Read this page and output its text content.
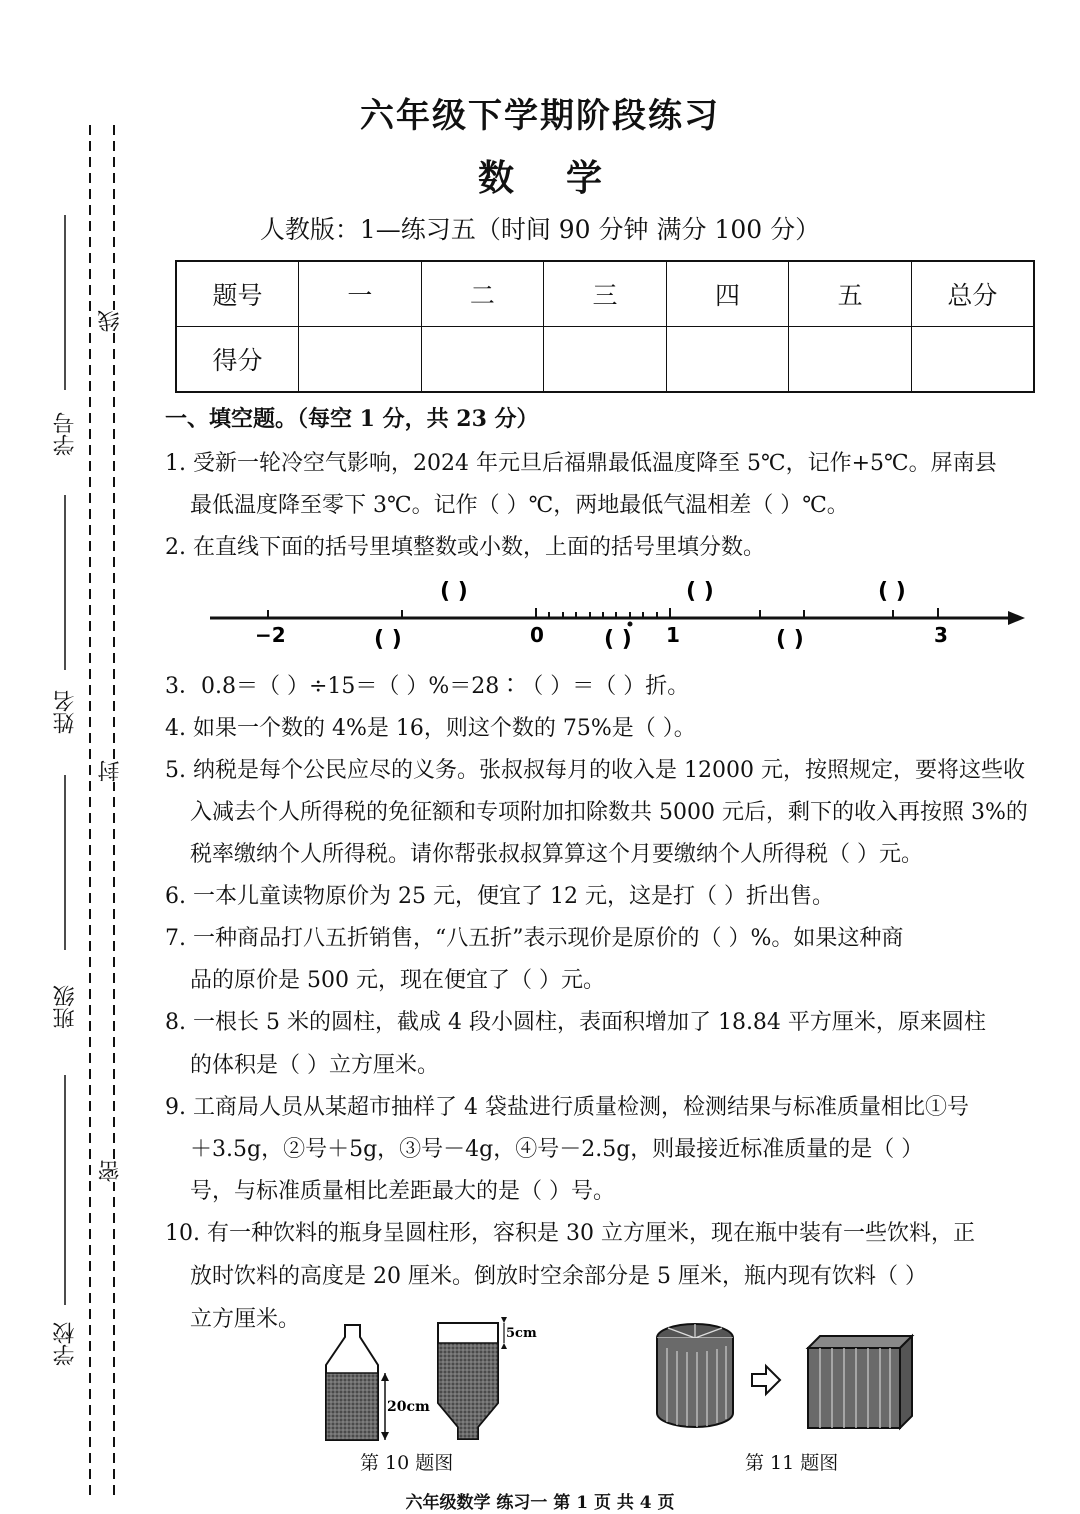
线
封
密
学号
姓名
班级
学校
六年级下学期阶段练习
数 学
人教版：1—练习五（时间 90 分钟 满分 100 分）
题号	一	二	三	四	五	总分
得分						
一、填空题。（每空 1 分，共 23 分）
1. 受新一轮冷空气影响，2024 年元旦后福鼎最低温度降至 5℃，记作+5℃。屏南县
最低温度降至零下 3℃。记作（ ）℃，两地最低气温相差（ ）℃。
2. 在直线下面的括号里填整数或小数，上面的括号里填分数。
−2	0	1	3
( )	( )	( )
( )	( )	( )
3．0.8＝（ ）÷15＝（ ）%＝28∶（ ）＝（ ）折。
4. 如果一个数的 4%是 16，则这个数的 75%是（ ）。
5. 纳税是每个公民应尽的义务。张叔叔每月的收入是 12000 元，按照规定，要将这些收
入减去个人所得税的免征额和专项附加扣除数共 5000 元后，剩下的收入再按照 3%的
税率缴纳个人所得税。请你帮张叔叔算算这个月要缴纳个人所得税（ ）元。
6. 一本儿童读物原价为 25 元，便宜了 12 元，这是打（ ）折出售。
7. 一种商品打八五折销售，“八五折”表示现价是原价的（ ）%。如果这种商
品的原价是 500 元，现在便宜了（ ）元。
8. 一根长 5 米的圆柱，截成 4 段小圆柱，表面积增加了 18.84 平方厘米，原来圆柱
的体积是（ ）立方厘米。
9. 工商局人员从某超市抽样了 4 袋盐进行质量检测，检测结果与标准质量相比①号
＋3.5g，②号＋5g，③号－4g，④号－2.5g，则最接近标准质量的是（ ）
号，与标准质量相比差距最大的是（ ）号。
10. 有一种饮料的瓶身呈圆柱形，容积是 30 立方厘米，现在瓶中装有一些饮料，正
放时饮料的高度是 20 厘米。倒放时空余部分是 5 厘米，瓶内现有饮料（ ）
立方厘米。
20cm
5cm
第 10 题图	第 11 题图
六年级数学 练习一 第 1 页 共 4 页
